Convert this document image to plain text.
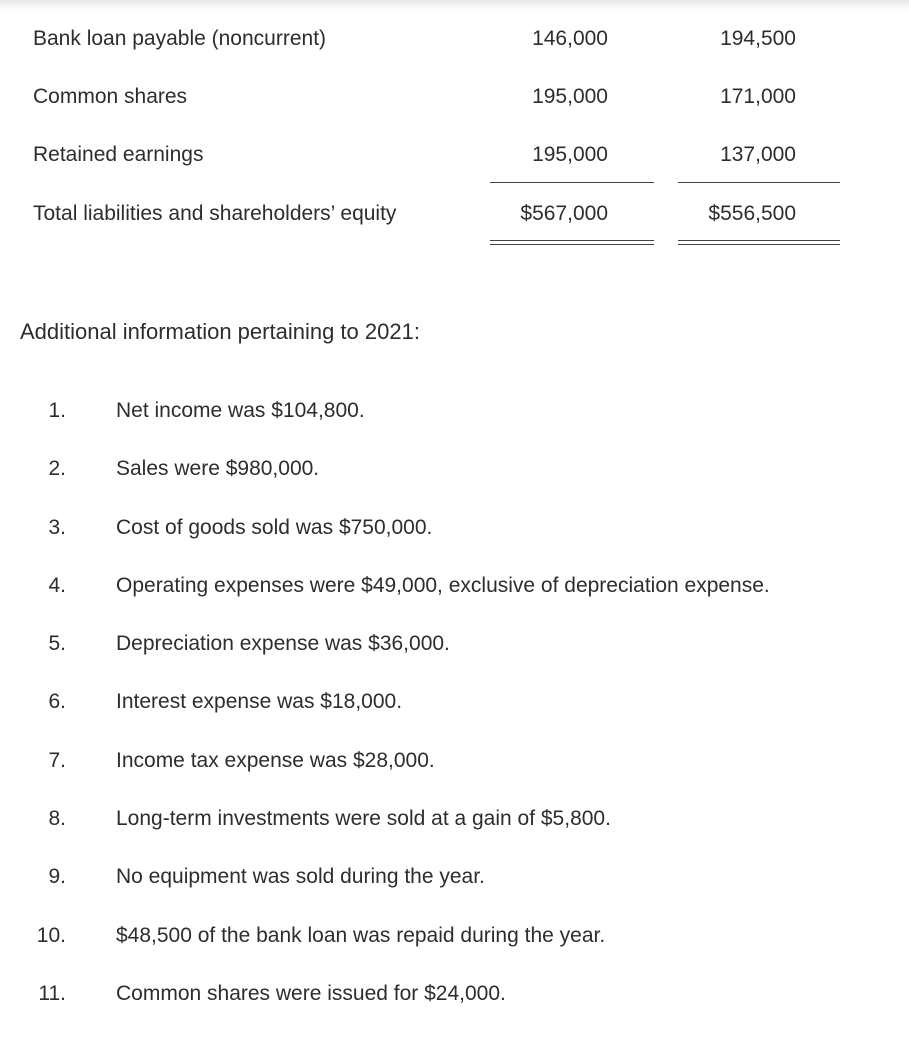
Bank loan payable (noncurrent)	146,000	194,500
Common shares	195,000	171,000
Retained earnings	195,000	137,000
Total liabilities and shareholders’ equity	$567,000	$556,500
Additional information pertaining to 2021:
1. Net income was $104,800.
2. Sales were $980,000.
3. Cost of goods sold was $750,000.
4. Operating expenses were $49,000, exclusive of depreciation expense.
5. Depreciation expense was $36,000.
6. Interest expense was $18,000.
7. Income tax expense was $28,000.
8. Long-term investments were sold at a gain of $5,800.
9. No equipment was sold during the year.
10. $48,500 of the bank loan was repaid during the year.
11. Common shares were issued for $24,000.
